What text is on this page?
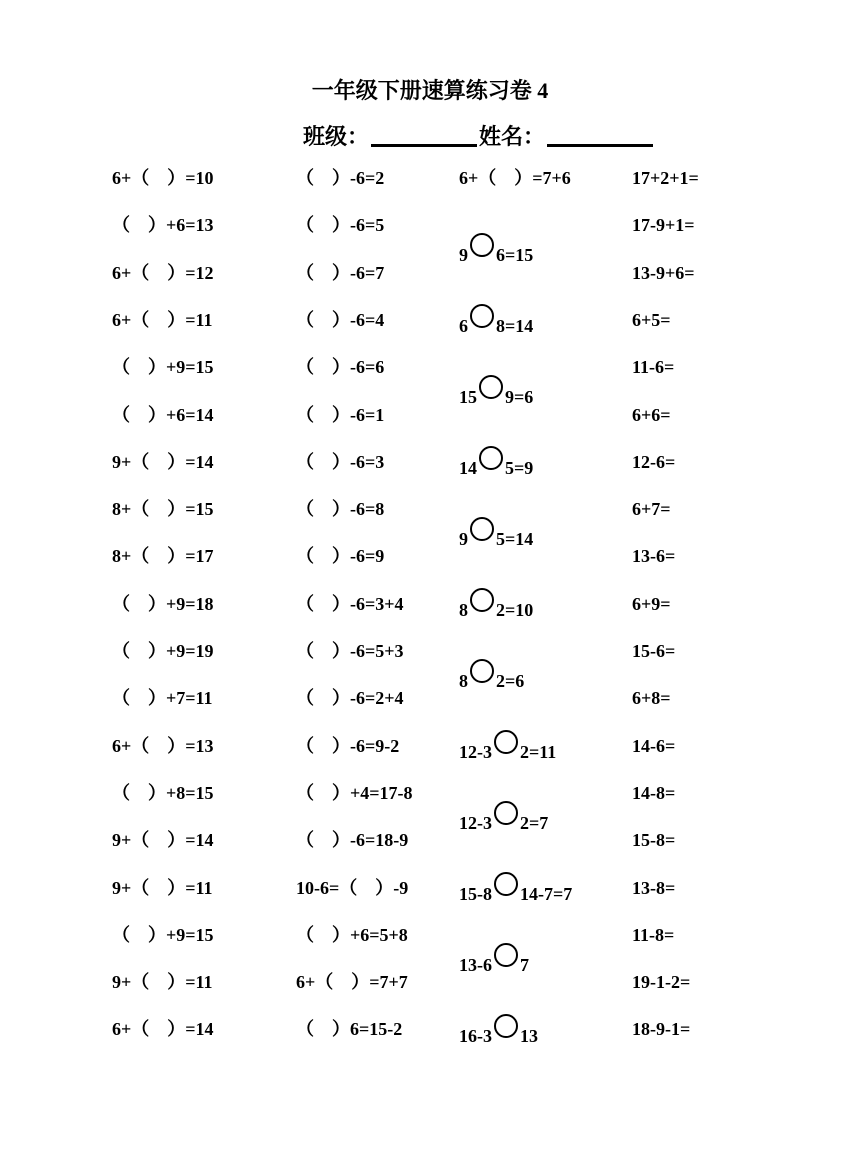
一年级下册速算练习卷 4
班级：	姓名：
6+（　）=10
（　）+6=13
6+（　）=12
6+（　）=11
（　）+9=15
（　）+6=14
9+（　）=14
8+（　）=15
8+（　）=17
（　）+9=18
（　）+9=19
（　）+7=11
6+（　）=13
（　）+8=15
9+（　）=14
9+（　）=11
（　）+9=15
9+（　）=11
6+（　）=14
（　）-6=2
（　）-6=5
（　）-6=7
（　）-6=4
（　）-6=6
（　）-6=1
（　）-6=3
（　）-6=8
（　）-6=9
（　）-6=3+4
（　）-6=5+3
（　）-6=2+4
（　）-6=9-2
（　）+4=17-8
（　）-6=18-9
10-6=（　）-9
（　）+6=5+8
6+（　）=7+7
（　）6=15-2
6+（　）=7+6
9 6=15
6 8=14
15 9=6
14 5=9
9 5=14
8 2=10
8 2=6
12-3 2=11
12-3 2=7
15-8 14-7=7
13-6 7
16-3 13
17+2+1=
17-9+1=
13-9+6=
6+5=
11-6=
6+6=
12-6=
6+7=
13-6=
6+9=
15-6=
6+8=
14-6=
14-8=
15-8=
13-8=
11-8=
19-1-2=
18-9-1=
